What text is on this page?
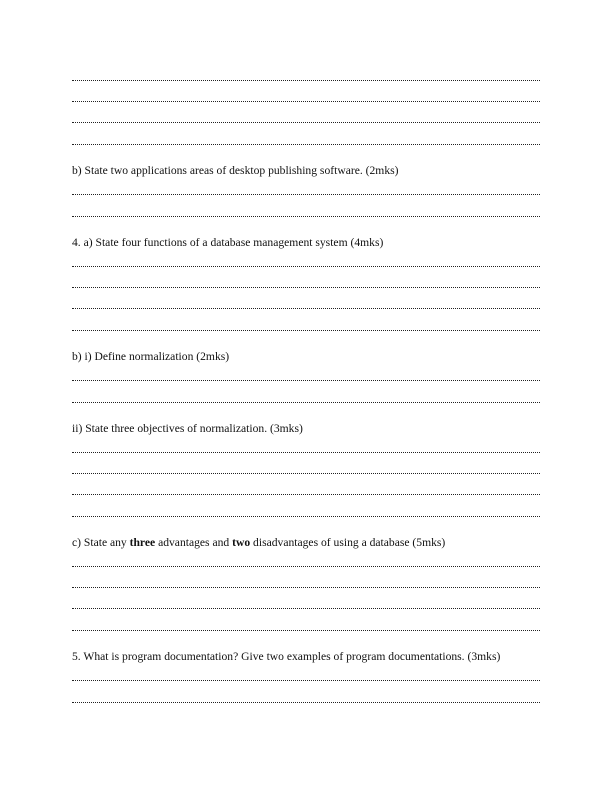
b) State two applications areas of desktop publishing software. (2mks)
4. a) State four functions of a database management system (4mks)
b) i) Define normalization (2mks)
ii) State three objectives of normalization. (3mks)
c) State any three advantages and two disadvantages of using a database (5mks)
5. What is program documentation? Give two examples of program documentations. (3mks)
